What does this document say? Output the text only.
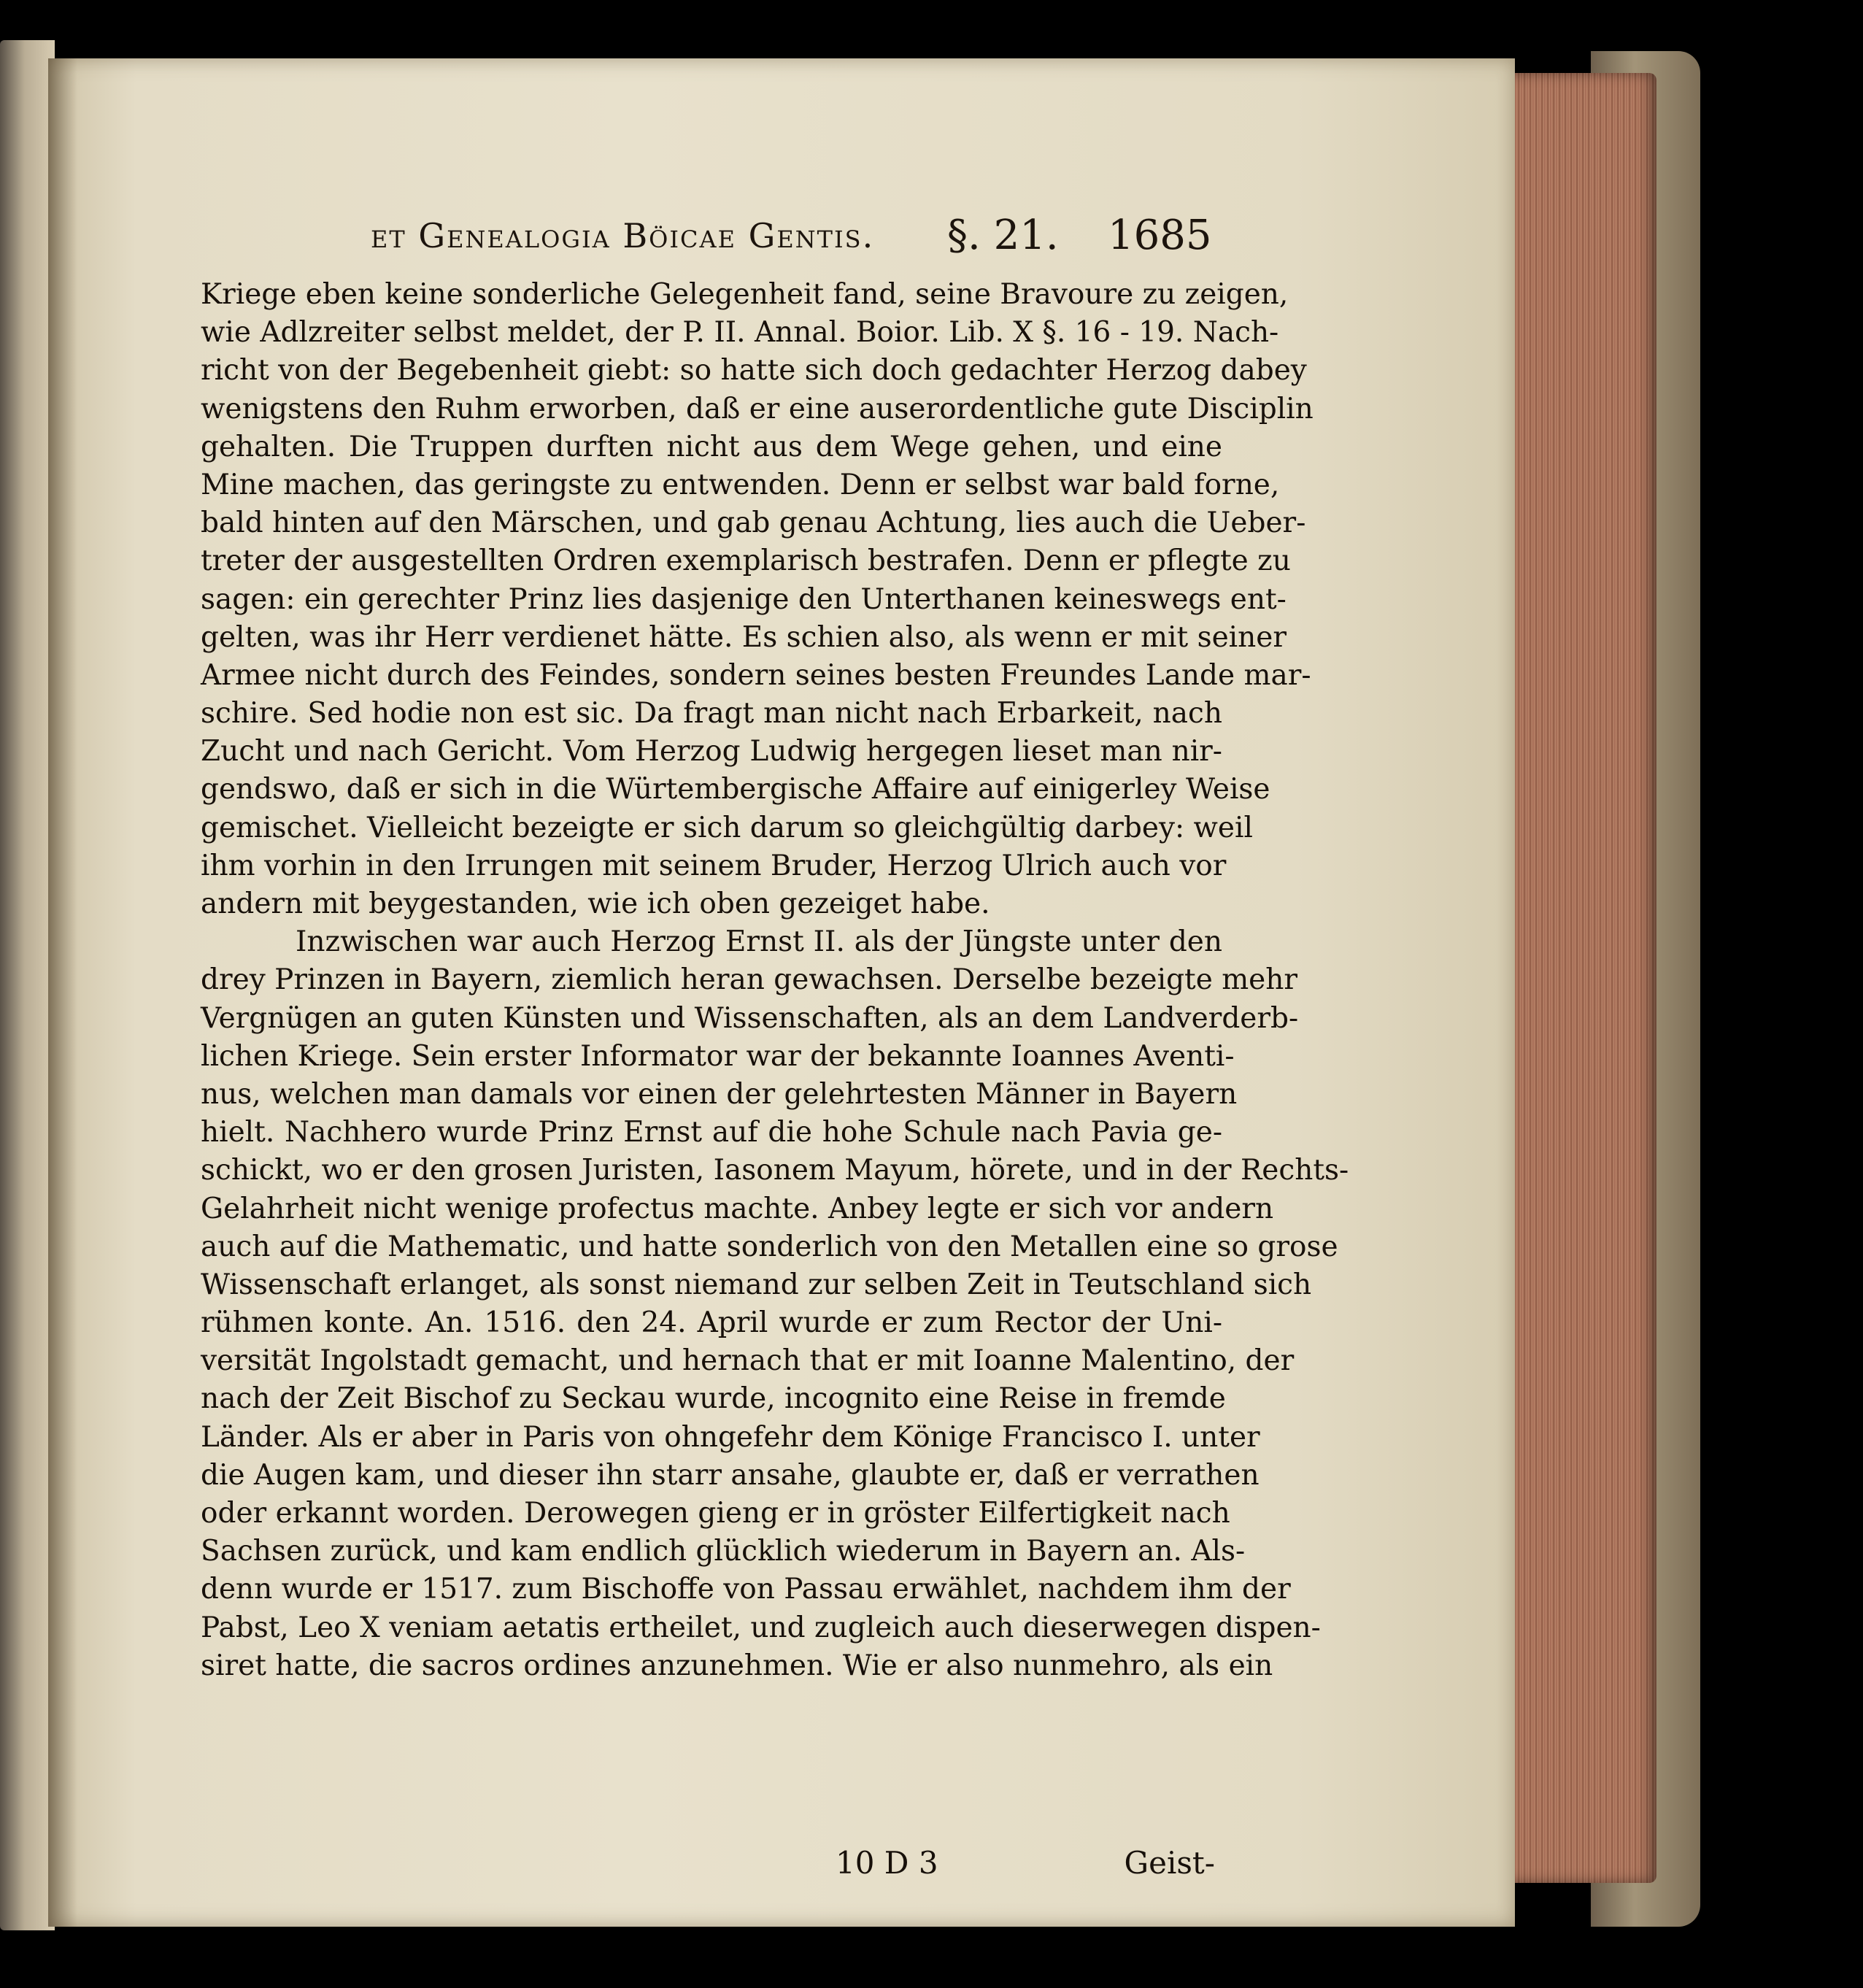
et Genealogia Böicae Gentis. §. 21. 1685
Kriege eben keine sonderliche Gelegenheit fand, seine Bravoure zu zeigen,
wie Adlzreiter selbst meldet, der P. II. Annal. Boior. Lib. X §. 16 - 19. Nach-
richt von der Begebenheit giebt: so hatte sich doch gedachter Herzog dabey
wenigstens den Ruhm erworben, daß er eine auserordentliche gute Disciplin
gehalten. Die Truppen durften nicht aus dem Wege gehen, und eine
Mine machen, das geringste zu entwenden. Denn er selbst war bald forne,
bald hinten auf den Märschen, und gab genau Achtung, lies auch die Ueber-
treter der ausgestellten Ordren exemplarisch bestrafen. Denn er pflegte zu
sagen: ein gerechter Prinz lies dasjenige den Unterthanen keineswegs ent-
gelten, was ihr Herr verdienet hätte. Es schien also, als wenn er mit seiner
Armee nicht durch des Feindes, sondern seines besten Freundes Lande mar-
schire. Sed hodie non est sic. Da fragt man nicht nach Erbarkeit, nach
Zucht und nach Gericht. Vom Herzog Ludwig hergegen lieset man nir-
gendswo, daß er sich in die Würtembergische Affaire auf einigerley Weise
gemischet. Vielleicht bezeigte er sich darum so gleichgültig darbey: weil
ihm vorhin in den Irrungen mit seinem Bruder, Herzog Ulrich auch vor
andern mit beygestanden, wie ich oben gezeiget habe.
Inzwischen war auch Herzog Ernst II. als der Jüngste unter den
drey Prinzen in Bayern, ziemlich heran gewachsen. Derselbe bezeigte mehr
Vergnügen an guten Künsten und Wissenschaften, als an dem Landverderb-
lichen Kriege. Sein erster Informator war der bekannte Ioannes Aventi-
nus, welchen man damals vor einen der gelehrtesten Männer in Bayern
hielt. Nachhero wurde Prinz Ernst auf die hohe Schule nach Pavia ge-
schickt, wo er den grosen Juristen, Iasonem Mayum, hörete, und in der Rechts-
Gelahrheit nicht wenige profectus machte. Anbey legte er sich vor andern
auch auf die Mathematic, und hatte sonderlich von den Metallen eine so grose
Wissenschaft erlanget, als sonst niemand zur selben Zeit in Teutschland sich
rühmen konte. An. 1516. den 24. April wurde er zum Rector der Uni-
versität Ingolstadt gemacht, und hernach that er mit Ioanne Malentino, der
nach der Zeit Bischof zu Seckau wurde, incognito eine Reise in fremde
Länder. Als er aber in Paris von ohngefehr dem Könige Francisco I. unter
die Augen kam, und dieser ihn starr ansahe, glaubte er, daß er verrathen
oder erkannt worden. Derowegen gieng er in gröster Eilfertigkeit nach
Sachsen zurück, und kam endlich glücklich wiederum in Bayern an. Als-
denn wurde er 1517. zum Bischoffe von Passau erwählet, nachdem ihm der
Pabst, Leo X veniam aetatis ertheilet, und zugleich auch dieserwegen dispen-
siret hatte, die sacros ordines anzunehmen. Wie er also nunmehro, als ein
10 D 3	Geist-
